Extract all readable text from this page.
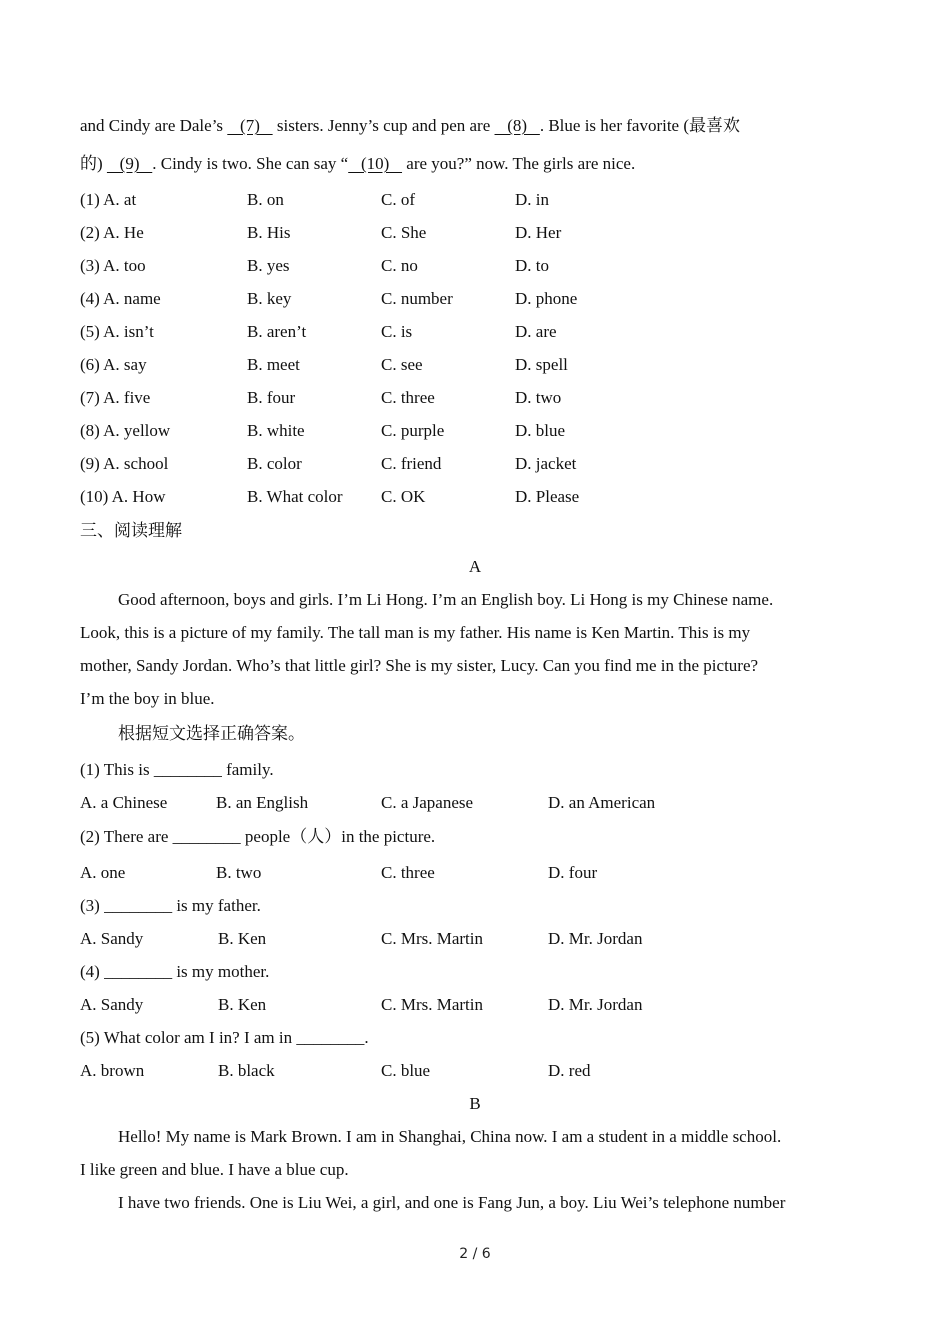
and Cindy are Dale’s    (7)    sisters. Jenny’s cup and pen are    (8)   . Blue is her favorite (最喜欢
的)    (9)   . Cindy is two. She can say “   (10)    are you?” now. The girls are nice.
(1) A. at	B. on	C. of	D. in
(2) A. He	B. His	C. She	D. Her
(3) A. too	B. yes	C. no	D. to
(4) A. name	B. key	C. number	D. phone
(5) A. isn’t	B. aren’t	C. is	D. are
(6) A. say	B. meet	C. see	D. spell
(7) A. five	B. four	C. three	D. two
(8) A. yellow	B. white	C. purple	D. blue
(9) A. school	B. color	C. friend	D. jacket
(10) A. How	B. What color C. OK	D. Please
三、阅读理解
A
Good afternoon, boys and girls. I’m Li Hong. I’m an English boy. Li Hong is my Chinese name.
Look, this is a picture of my family. The tall man is my father. His name is Ken Martin. This is my
mother, Sandy Jordan. Who’s that little girl? She is my sister, Lucy. Can you find me in the picture?
I’m the boy in blue.
根据短文选择正确答案。
(1) This is ________ family.
A. a Chinese	B. an English	C. a Japanese	D. an American
(2) There are ________ people（人）in the picture.
A. one	B. two	C. three	D. four
(3) ________ is my father.
A. Sandy	B. Ken	C. Mrs. Martin	D. Mr. Jordan
(4) ________ is my mother.
A. Sandy	B. Ken	C. Mrs. Martin	D. Mr. Jordan
(5) What color am I in? I am in ________.
A. brown	B. black	C. blue	D. red
B
Hello! My name is Mark Brown. I am in Shanghai, China now. I am a student in a middle school.
I like green and blue. I have a blue cup.
I have two friends. One is Liu Wei, a girl, and one is Fang Jun, a boy. Liu Wei’s telephone number
2 / 6
